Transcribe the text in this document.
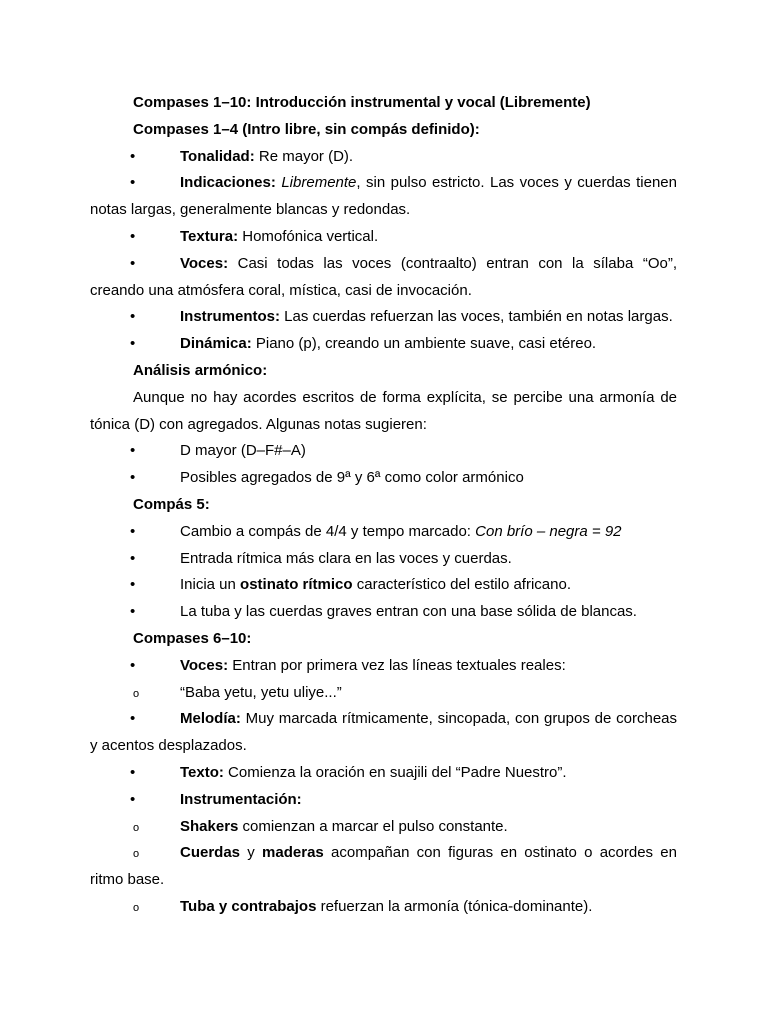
Compases 1–10: Introducción instrumental y vocal (Libremente)

Compases 1–4 (Intro libre, sin compás definido):

•	Tonalidad: Re mayor (D).

•	Indicaciones: Libremente, sin pulso estricto. Las voces y cuerdas tienen notas largas, generalmente blancas y redondas.

•	Textura: Homofónica vertical.

•	Voces: Casi todas las voces (contraalto) entran con la sílaba “Oo”, creando una atmósfera coral, mística, casi de invocación.

•	Instrumentos: Las cuerdas refuerzan las voces, también en notas largas.

•	Dinámica: Piano (p), creando un ambiente suave, casi etéreo.

Análisis armónico:

Aunque no hay acordes escritos de forma explícita, se percibe una armonía de tónica (D) con agregados. Algunas notas sugieren:

•	D mayor (D–F#–A)

•	Posibles agregados de 9ª y 6ª como color armónico

Compás 5:

•	Cambio a compás de 4/4 y tempo marcado: Con brío – negra = 92

•	Entrada rítmica más clara en las voces y cuerdas.

•	Inicia un ostinato rítmico característico del estilo africano.

•	La tuba y las cuerdas graves entran con una base sólida de blancas.

Compases 6–10:

•	Voces: Entran por primera vez las líneas textuales reales:

o	“Baba yetu, yetu uliye...”

•	Melodía: Muy marcada rítmicamente, sincopada, con grupos de corcheas y acentos desplazados.

•	Texto: Comienza la oración en suajili del “Padre Nuestro”.

•	Instrumentación:

o	Shakers comienzan a marcar el pulso constante.

o	Cuerdas y maderas acompañan con figuras en ostinato o acordes en ritmo base.

o	Tuba y contrabajos refuerzan la armonía (tónica-dominante).
